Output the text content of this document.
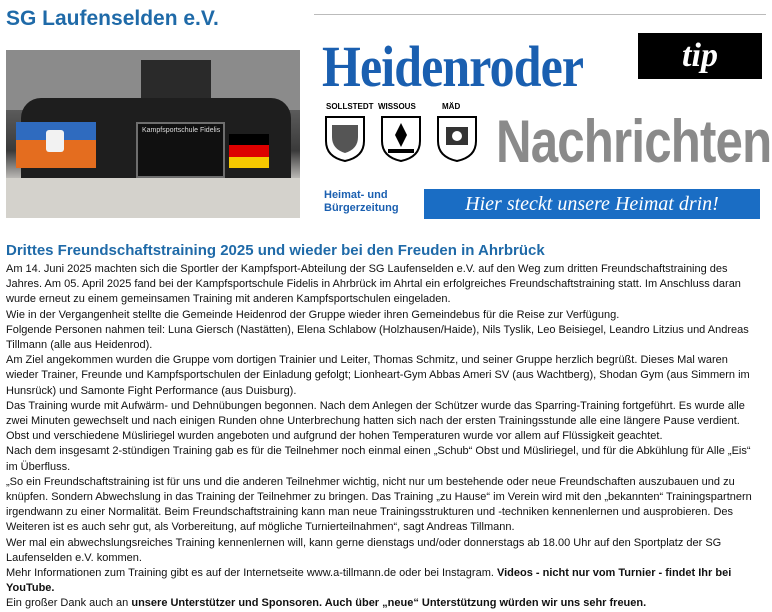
SG Laufenselden e.V.
Kampfsportschule Fidelis
Heidenroder	tip
SOLLSTEDT WISSOUS	MÄD
Nachrichten
Heimat- und
Bürgerzeitung	Hier steckt unsere Heimat drin!
Drittes Freundschaftstraining 2025 und wieder bei den Freuden in Ahrbrück

Am 14. Juni 2025 machten sich die Sportler der Kampfsport-Abteilung der SG Laufenselden e.V. auf den Weg zum dritten Freundschaftstraining des Jahres. Am 05. April 2025 fand bei der Kampfsportschule Fidelis in Ahrbrück im Ahrtal ein erfolgreiches Freundschaftstraining statt. Im Anschluss daran wurde erneut zu einem gemeinsamen Training mit anderen Kampfsportschulen eingeladen.

Wie in der Vergangenheit stellte die Gemeinde Heidenrod der Gruppe wieder ihren Gemeindebus für die Reise zur Verfügung.

Folgende Personen nahmen teil: Luna Giersch (Nastätten), Elena Schlabow (Holzhausen/Haide), Nils Tyslik, Leo Beisiegel, Leandro Litzius und Andreas Tillmann (alle aus Heidenrod).

Am Ziel angekommen wurden die Gruppe vom dortigen Trainier und Leiter, Thomas Schmitz, und seiner Gruppe herzlich begrüßt. Dieses Mal waren wieder Trainer, Freunde und Kampfsportschulen der Einladung gefolgt; Lionheart-Gym Abbas Ameri SV (aus Wachtberg), Shodan Gym (aus Simmern im Hunsrück) und Samonte Fight Performance (aus Duisburg).

Das Training wurde mit Aufwärm- und Dehnübungen begonnen. Nach dem Anlegen der Schützer wurde das Sparring-Training fortgeführt. Es wurde alle zwei Minuten gewechselt und nach einigen Runden ohne Unterbrechung hatten sich nach der ersten Trainingsstunde alle eine längere Pause verdient. Obst und verschiedene Müsliriegel wurden angeboten und aufgrund der hohen Temperaturen wurde vor allem auf Flüssigkeit geachtet.

Nach dem insgesamt 2-stündigen Training gab es für die Teilnehmer noch einmal einen „Schub“ Obst und Müsliriegel, und für die Abkühlung für Alle „Eis“ im Überfluss.

„So ein Freundschaftstraining ist für uns und die anderen Teilnehmer wichtig, nicht nur um bestehende oder neue Freundschaften auszubauen und zu knüpfen. Sondern Abwechslung in das Training der Teilnehmer zu bringen. Das Training „zu Hause“ im Verein wird mit den „bekannten“ Trainingspartnern irgendwann zu einer Normalität. Beim Freundschaftstraining kann man neue Trainingsstrukturen und -techniken kennenlernen und ausprobieren. Des Weiteren ist es auch sehr gut, als Vorbereitung, auf mögliche Turnierteilnahmen“, sagt Andreas Tillmann.

Wer mal ein abwechslungsreiches Training kennenlernen will, kann gerne dienstags und/oder donnerstags ab 18.00 Uhr auf den Sportplatz der SG Laufenselden e.V. kommen.

Mehr Informationen zum Training gibt es auf der Internetseite www.a-tillmann.de oder bei Instagram. Videos - nicht nur vom Turnier - findet Ihr bei YouTube.

Ein großer Dank auch an unsere Unterstützer und Sponsoren. Auch über „neue“ Unterstützung würden wir uns sehr freuen.
